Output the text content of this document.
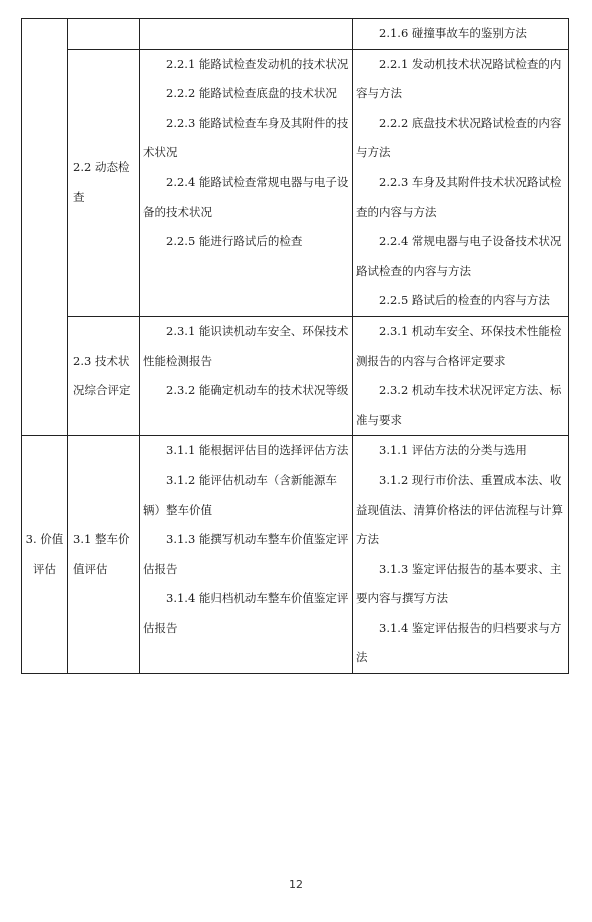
			2.1.6 碰撞事故车的鉴别方法

	2.2 动态检查	2.2.1 能路试检查发动机的技术状况
2.2.2 能路试检查底盘的技术状况
2.2.3 能路试检查车身及其附件的技术状况
2.2.4 能路试检查常规电器与电子设备的技术状况
2.2.5 能进行路试后的检查	2.2.1 发动机技术状况路试检查的内容与方法
2.2.2 底盘技术状况路试检查的内容与方法
2.2.3 车身及其附件技术状况路试检查的内容与方法
2.2.4 常规电器与电子设备技术状况路试检查的内容与方法
2.2.5 路试后的检查的内容与方法

	2.3 技术状况综合评定	2.3.1 能识读机动车安全、环保技术性能检测报告
2.3.2 能确定机动车的技术状况等级	2.3.1 机动车安全、环保技术性能检测报告的内容与合格评定要求
2.3.2 机动车技术状况评定方法、标准与要求

3. 价值评估	3.1 整车价值评估	3.1.1 能根据评估目的选择评估方法
3.1.2 能评估机动车（含新能源车辆）整车价值
3.1.3 能撰写机动车整车价值鉴定评估报告
3.1.4 能归档机动车整车价值鉴定评估报告	3.1.1 评估方法的分类与选用
3.1.2 现行市价法、重置成本法、收益现值法、清算价格法的评估流程与计算方法
3.1.3 鉴定评估报告的基本要求、主要内容与撰写方法
3.1.4 鉴定评估报告的归档要求与方法
12
